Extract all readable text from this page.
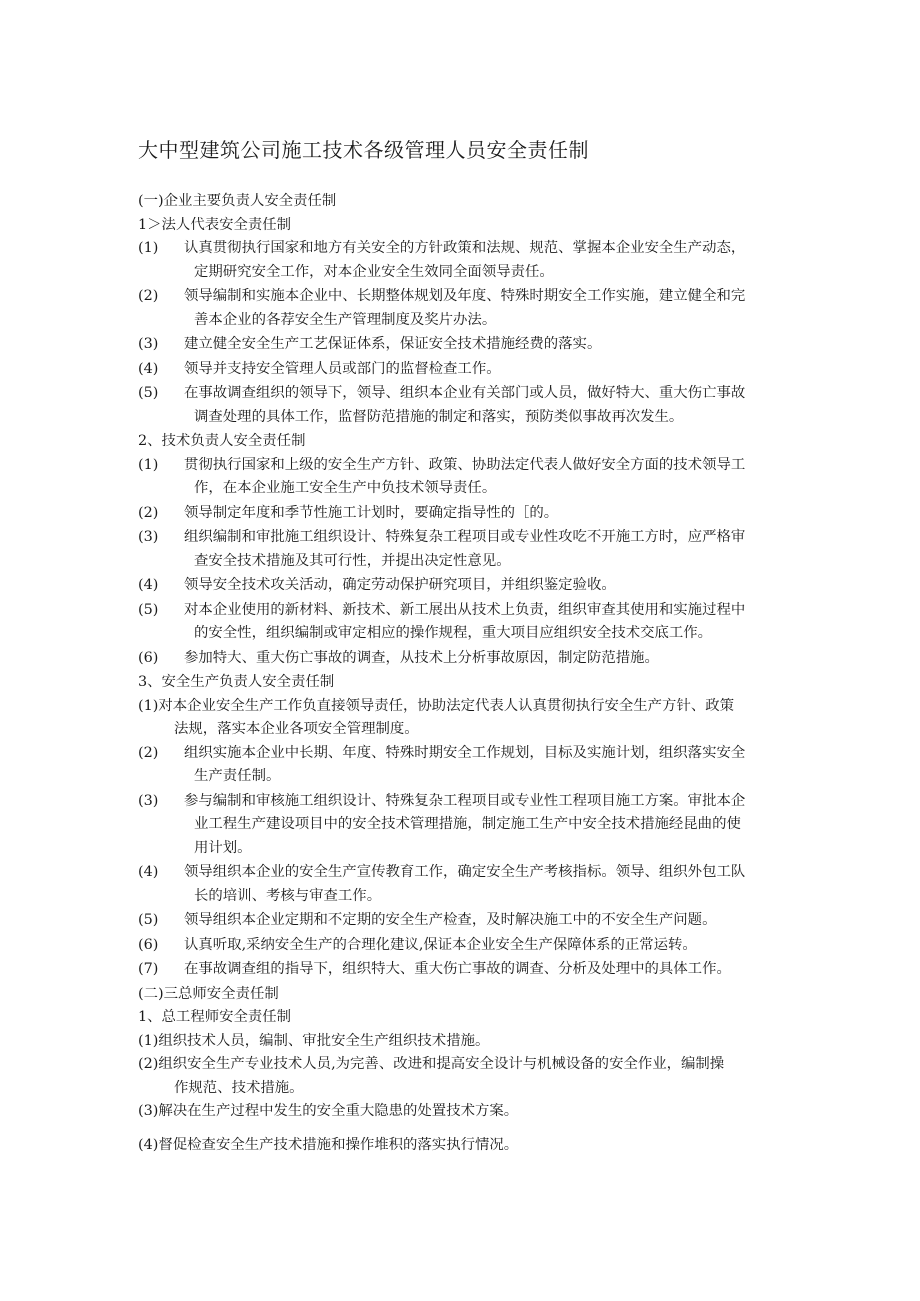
大中型建筑公司施工技术各级管理人员安全责任制
(一)企业主要负责人安全责任制
1＞法人代表安全责任制
(1)	认真贯彻执行国家和地方有关安全的方针政策和法规、规范、掌握本企业安全生产动态，
定期研究安全工作，对本企业安全生效同全面领导责任。
(2)	领导编制和实施本企业中、长期整体规划及年度、特殊时期安全工作实施，建立健全和完
善本企业的各荐安全生产管理制度及奖片办法。
(3)	建立健全安全生产工艺保证体系，保证安全技术措施经费的落实。
(4)	领导并支持安全管理人员或部门的监督检查工作。
(5)	在事故调查组织的领导下，领导、组织本企业有关部门或人员，做好特大、重大伤亡事故
调查处理的具体工作，监督防范措施的制定和落实，预防类似事故再次发生。
2、技术负责人安全责任制
(1)	贯彻执行国家和上级的安全生产方针、政策、协助法定代表人做好安全方面的技术领导工
作，在本企业施工安全生产中负技术领导责任。
(2)	领导制定年度和季节性施工计划时，要确定指导性的［的。
(3)	组织编制和审批施工组织设计、特殊复杂工程项目或专业性攻吃不开施工方时，应严格审
查安全技术措施及其可行性，并提出决定性意见。
(4)	领导安全技术攻关活动，确定劳动保护研究项目，并组织鉴定验收。
(5)	对本企业使用的新材料、新技术、新工展出从技术上负责，组织审查其使用和实施过程中
的安全性，组织编制或审定相应的操作规程，重大项目应组织安全技术交底工作。
(6)	参加特大、重大伤亡事故的调查，从技术上分析事故原因，制定防范措施。
3、安全生产负责人安全责任制
(1)对本企业安全生产工作负直接领导责任，协助法定代表人认真贯彻执行安全生产方针、政策
法规，落实本企业各项安全管理制度。
(2)	组织实施本企业中长期、年度、特殊时期安全工作规划，目标及实施计划，组织落实安全
生产责任制。
(3)	参与编制和审核施工组织设计、特殊复杂工程项目或专业性工程项目施工方案。审批本企
业工程生产建设项目中的安全技术管理措施，制定施工生产中安全技术措施经昆曲的使
用计划。
(4)	领导组织本企业的安全生产宣传教育工作，确定安全生产考核指标。领导、组织外包工队
长的培训、考核与审查工作。
(5)	领导组织本企业定期和不定期的安全生产检查，及时解决施工中的不安全生产问题。
(6)	认真听取,采纳安全生产的合理化建议,保证本企业安全生产保障体系的正常运转。
(7)	在事故调查组的指导下，组织特大、重大伤亡事故的调查、分析及处理中的具体工作。
(二)三总师安全责任制
1、总工程师安全责任制
(1)组织技术人员，编制、审批安全生产组织技术措施。
(2)组织安全生产专业技术人员,为完善、改进和提高安全设计与机械设备的安全作业，编制操
作规范、技术措施。
(3)解决在生产过程中发生的安全重大隐患的处置技术方案。
(4)督促检查安全生产技术措施和操作堆积的落实执行情况。
